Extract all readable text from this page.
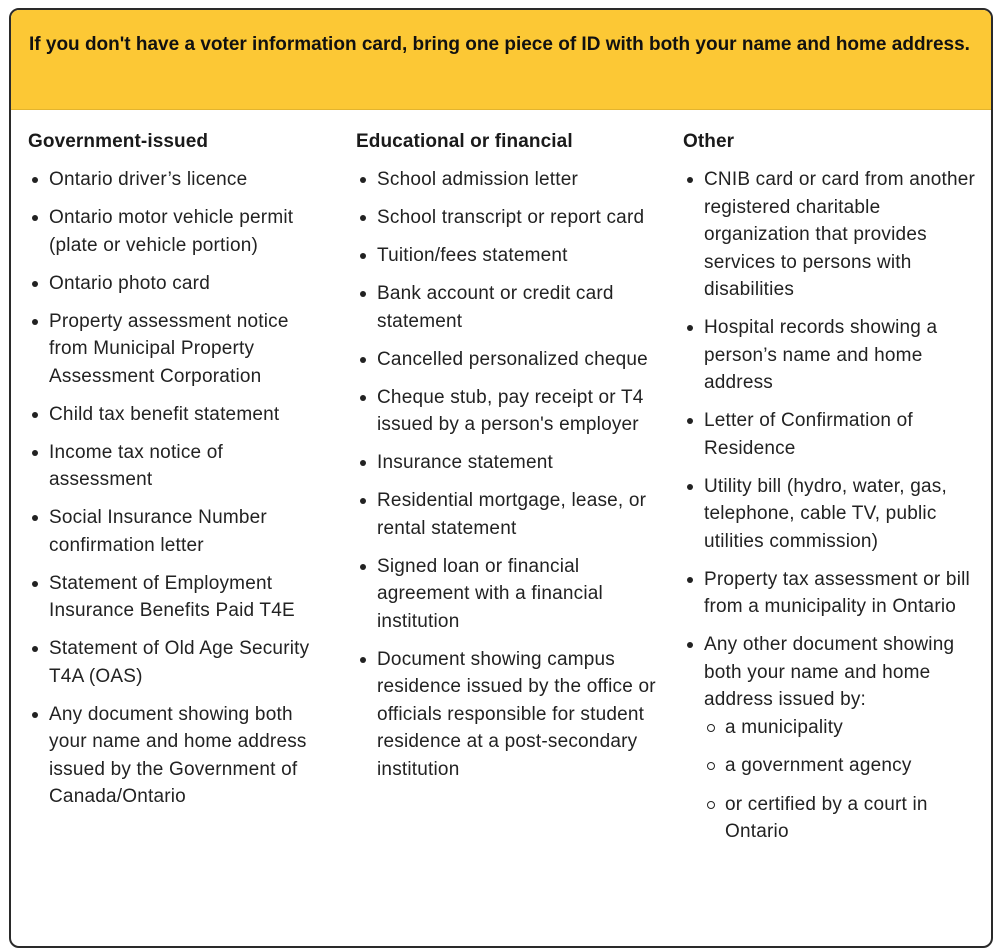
If you don't have a voter information card, bring one piece of ID with both your name and home address.
Government-issued
Ontario driver’s licence
Ontario motor vehicle permit (plate or vehicle portion)
Ontario photo card
Property assessment notice from Municipal Property Assessment Corporation
Child tax benefit statement
Income tax notice of assessment
Social Insurance Number confirmation letter
Statement of Employment Insurance Benefits Paid T4E
Statement of Old Age Security T4A (OAS)
Any document showing both your name and home address issued by the Government of Canada/Ontario
Educational or financial
School admission letter
School transcript or report card
Tuition/fees statement
Bank account or credit card statement
Cancelled personalized cheque
Cheque stub, pay receipt or T4 issued by a person's employer
Insurance statement
Residential mortgage, lease, or rental statement
Signed loan or financial agreement with a financial institution
Document showing campus residence issued by the office or officials responsible for student residence at a post-secondary institution
Other
CNIB card or card from another registered charitable organization that provides services to persons with disabilities
Hospital records showing a person’s name and home address
Letter of Confirmation of Residence
Utility bill (hydro, water, gas, telephone, cable TV, public utilities commission)
Property tax assessment or bill from a municipality in Ontario
Any other document showing both your name and home address issued by:
a municipality
a government agency
or certified by a court in Ontario
